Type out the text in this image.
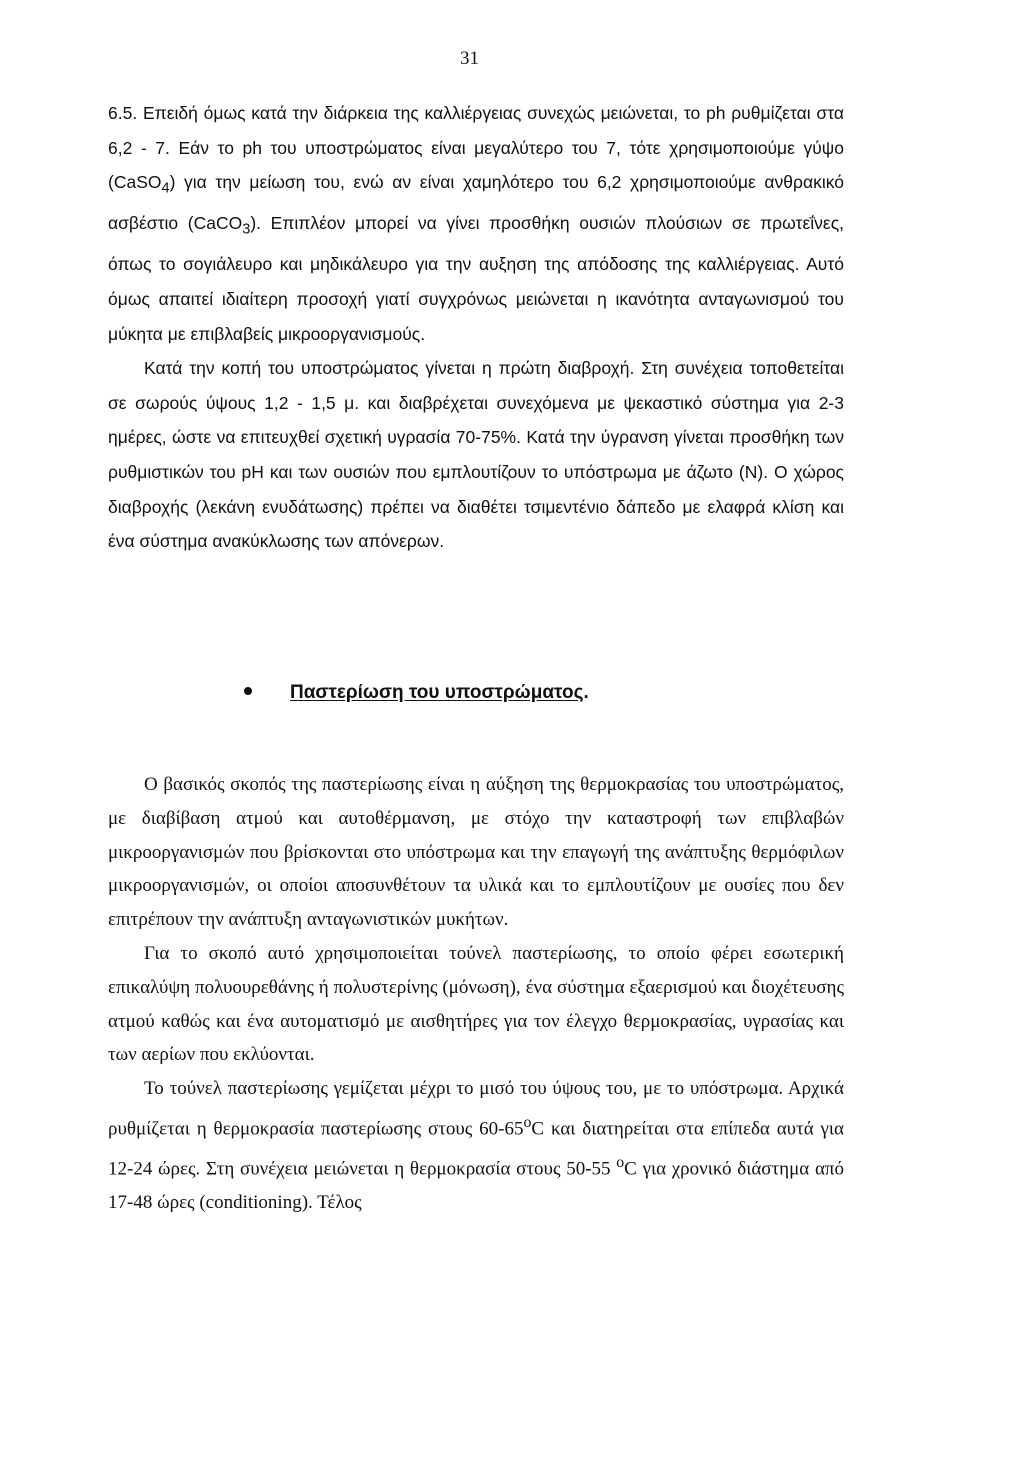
31

6.5. Επειδή όμως κατά την διάρκεια της καλλιέργειας συνεχώς μειώνεται, το ph ρυθμίζεται στα 6,2 - 7. Εάν το ph του υποστρώματος είναι μεγαλύτερο του 7, τότε χρησιμοποιούμε γύψο (CaSO$_4$) για την μείωση του, ενώ αν είναι χαμηλότερο του 6,2 χρησιμοποιούμε ανθρακικό ασβέστιο (CaCO$_3$). Επιπλέον μπορεί να γίνει προσθήκη ουσιών πλούσιων σε πρωτεΐνες, όπως το σογιάλευρο και μηδικάλευρο για την αυξηση της απόδοσης της καλλιέργειας. Αυτό όμως απαιτεί ιδιαίτερη προσοχή γιατί συγχρόνως μειώνεται η ικανότητα ανταγωνισμού του μύκητα με επιβλαβείς μικροοργανισμούς.

Κατά την κοπή του υποστρώματος γίνεται η πρώτη διαβροχή. Στη συνέχεια τοποθετείται σε σωρούς ύψους 1,2 - 1,5 μ. και διαβρέχεται συνεχόμενα με ψεκαστικό σύστημα για 2-3 ημέρες, ώστε να επιτευχθεί σχετική υγρασία 70-75%. Κατά την ύγρανση γίνεται προσθήκη των ρυθμιστικών του pH και των ουσιών που εμπλουτίζουν το υπόστρωμα με άζωτο (N). Ο χώρος διαβροχής (λεκάνη ενυδάτωσης) πρέπει να διαθέτει τσιμεντένιο δάπεδο με ελαφρά κλίση και ένα σύστημα ανακύκλωσης των απόνερων.

Παστερίωση του υποστρώματος.

Ο βασικός σκοπός της παστερίωσης είναι η αύξηση της θερμοκρασίας του υποστρώματος, με διαβίβαση ατμού και αυτοθέρμανση, με στόχο την καταστροφή των επιβλαβών μικροοργανισμών που βρίσκονται στο υπόστρωμα και την επαγωγή της ανάπτυξης θερμόφιλων μικροοργανισμών, οι οποίοι αποσυνθέτουν τα υλικά και το εμπλουτίζουν με ουσίες που δεν επιτρέπουν την ανάπτυξη ανταγωνιστικών μυκήτων.

Για το σκοπό αυτό χρησιμοποιείται τούνελ παστερίωσης, το οποίο φέρει εσωτερική επικαλύψη πολυουρεθάνης ή πολυστερίνης (μόνωση), ένα σύστημα εξαερισμού και διοχέτευσης ατμού καθώς και ένα αυτοματισμό με αισθητήρες για τον έλεγχο θερμοκρασίας, υγρασίας και των αερίων που εκλύονται.

Το τούνελ παστερίωσης γεμίζεται μέχρι το μισό του ύψους του, με το υπόστρωμα. Αρχικά ρυθμίζεται η θερμοκρασία παστερίωσης στους 60-65$^o$C και διατηρείται στα επίπεδα αυτά για 12-24 ώρες. Στη συνέχεια μειώνεται η θερμοκρασία στους 50-55 $^o$C για χρονικό διάστημα από 17-48 ώρες (conditioning). Τέλος
